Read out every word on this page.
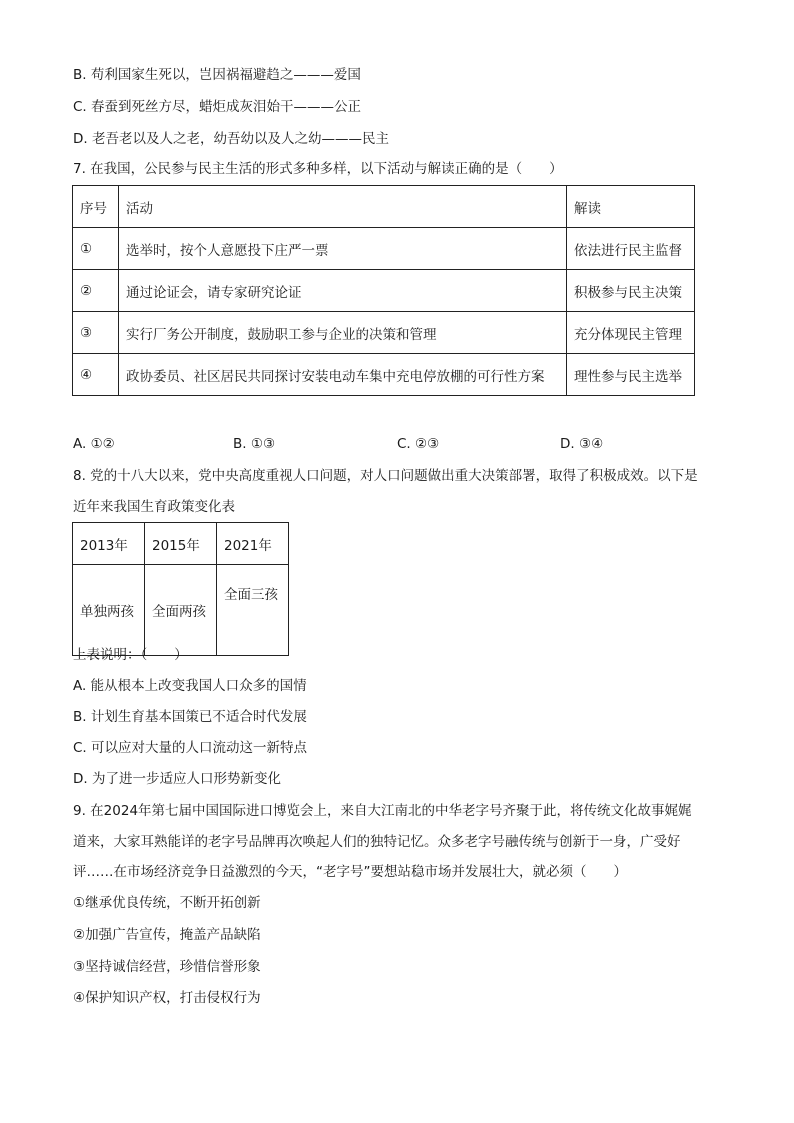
B. 苟利国家生死以，岂因祸福避趋之———爱国
C. 春蚕到死丝方尽，蜡炬成灰泪始干———公正
D. 老吾老以及人之老，幼吾幼以及人之幼———民主
7. 在我国，公民参与民主生活的形式多种多样，以下活动与解读正确的是（　　）
序号	活动	解读
①	选举时，按个人意愿投下庄严一票	依法进行民主监督
②	通过论证会，请专家研究论证	积极参与民主决策
③	实行厂务公开制度，鼓励职工参与企业的决策和管理	充分体现民主管理
④	政协委员、社区居民共同探讨安装电动车集中充电停放棚的可行性方案	理性参与民主选举
A. ①②	B. ①③	C. ②③	D. ③④
8. 党的十八大以来，党中央高度重视人口问题，对人口问题做出重大决策部署，取得了积极成效。以下是
近年来我国生育政策变化表
2013年	2015年	2021年
单独两孩	全面两孩	全面三孩
上表说明：（　　）
A. 能从根本上改变我国人口众多的国情
B. 计划生育基本国策已不适合时代发展
C. 可以应对大量的人口流动这一新特点
D. 为了进一步适应人口形势新变化
9. 在2024年第七届中国国际进口博览会上，来自大江南北的中华老字号齐聚于此，将传统文化故事娓娓
道来，大家耳熟能详的老字号品牌再次唤起人们的独特记忆。众多老字号融传统与创新于一身，广受好
评……在市场经济竞争日益激烈的今天，“老字号”要想站稳市场并发展壮大，就必须（　　）
①继承优良传统，不断开拓创新
②加强广告宣传，掩盖产品缺陷
③坚持诚信经营，珍惜信誉形象
④保护知识产权，打击侵权行为
